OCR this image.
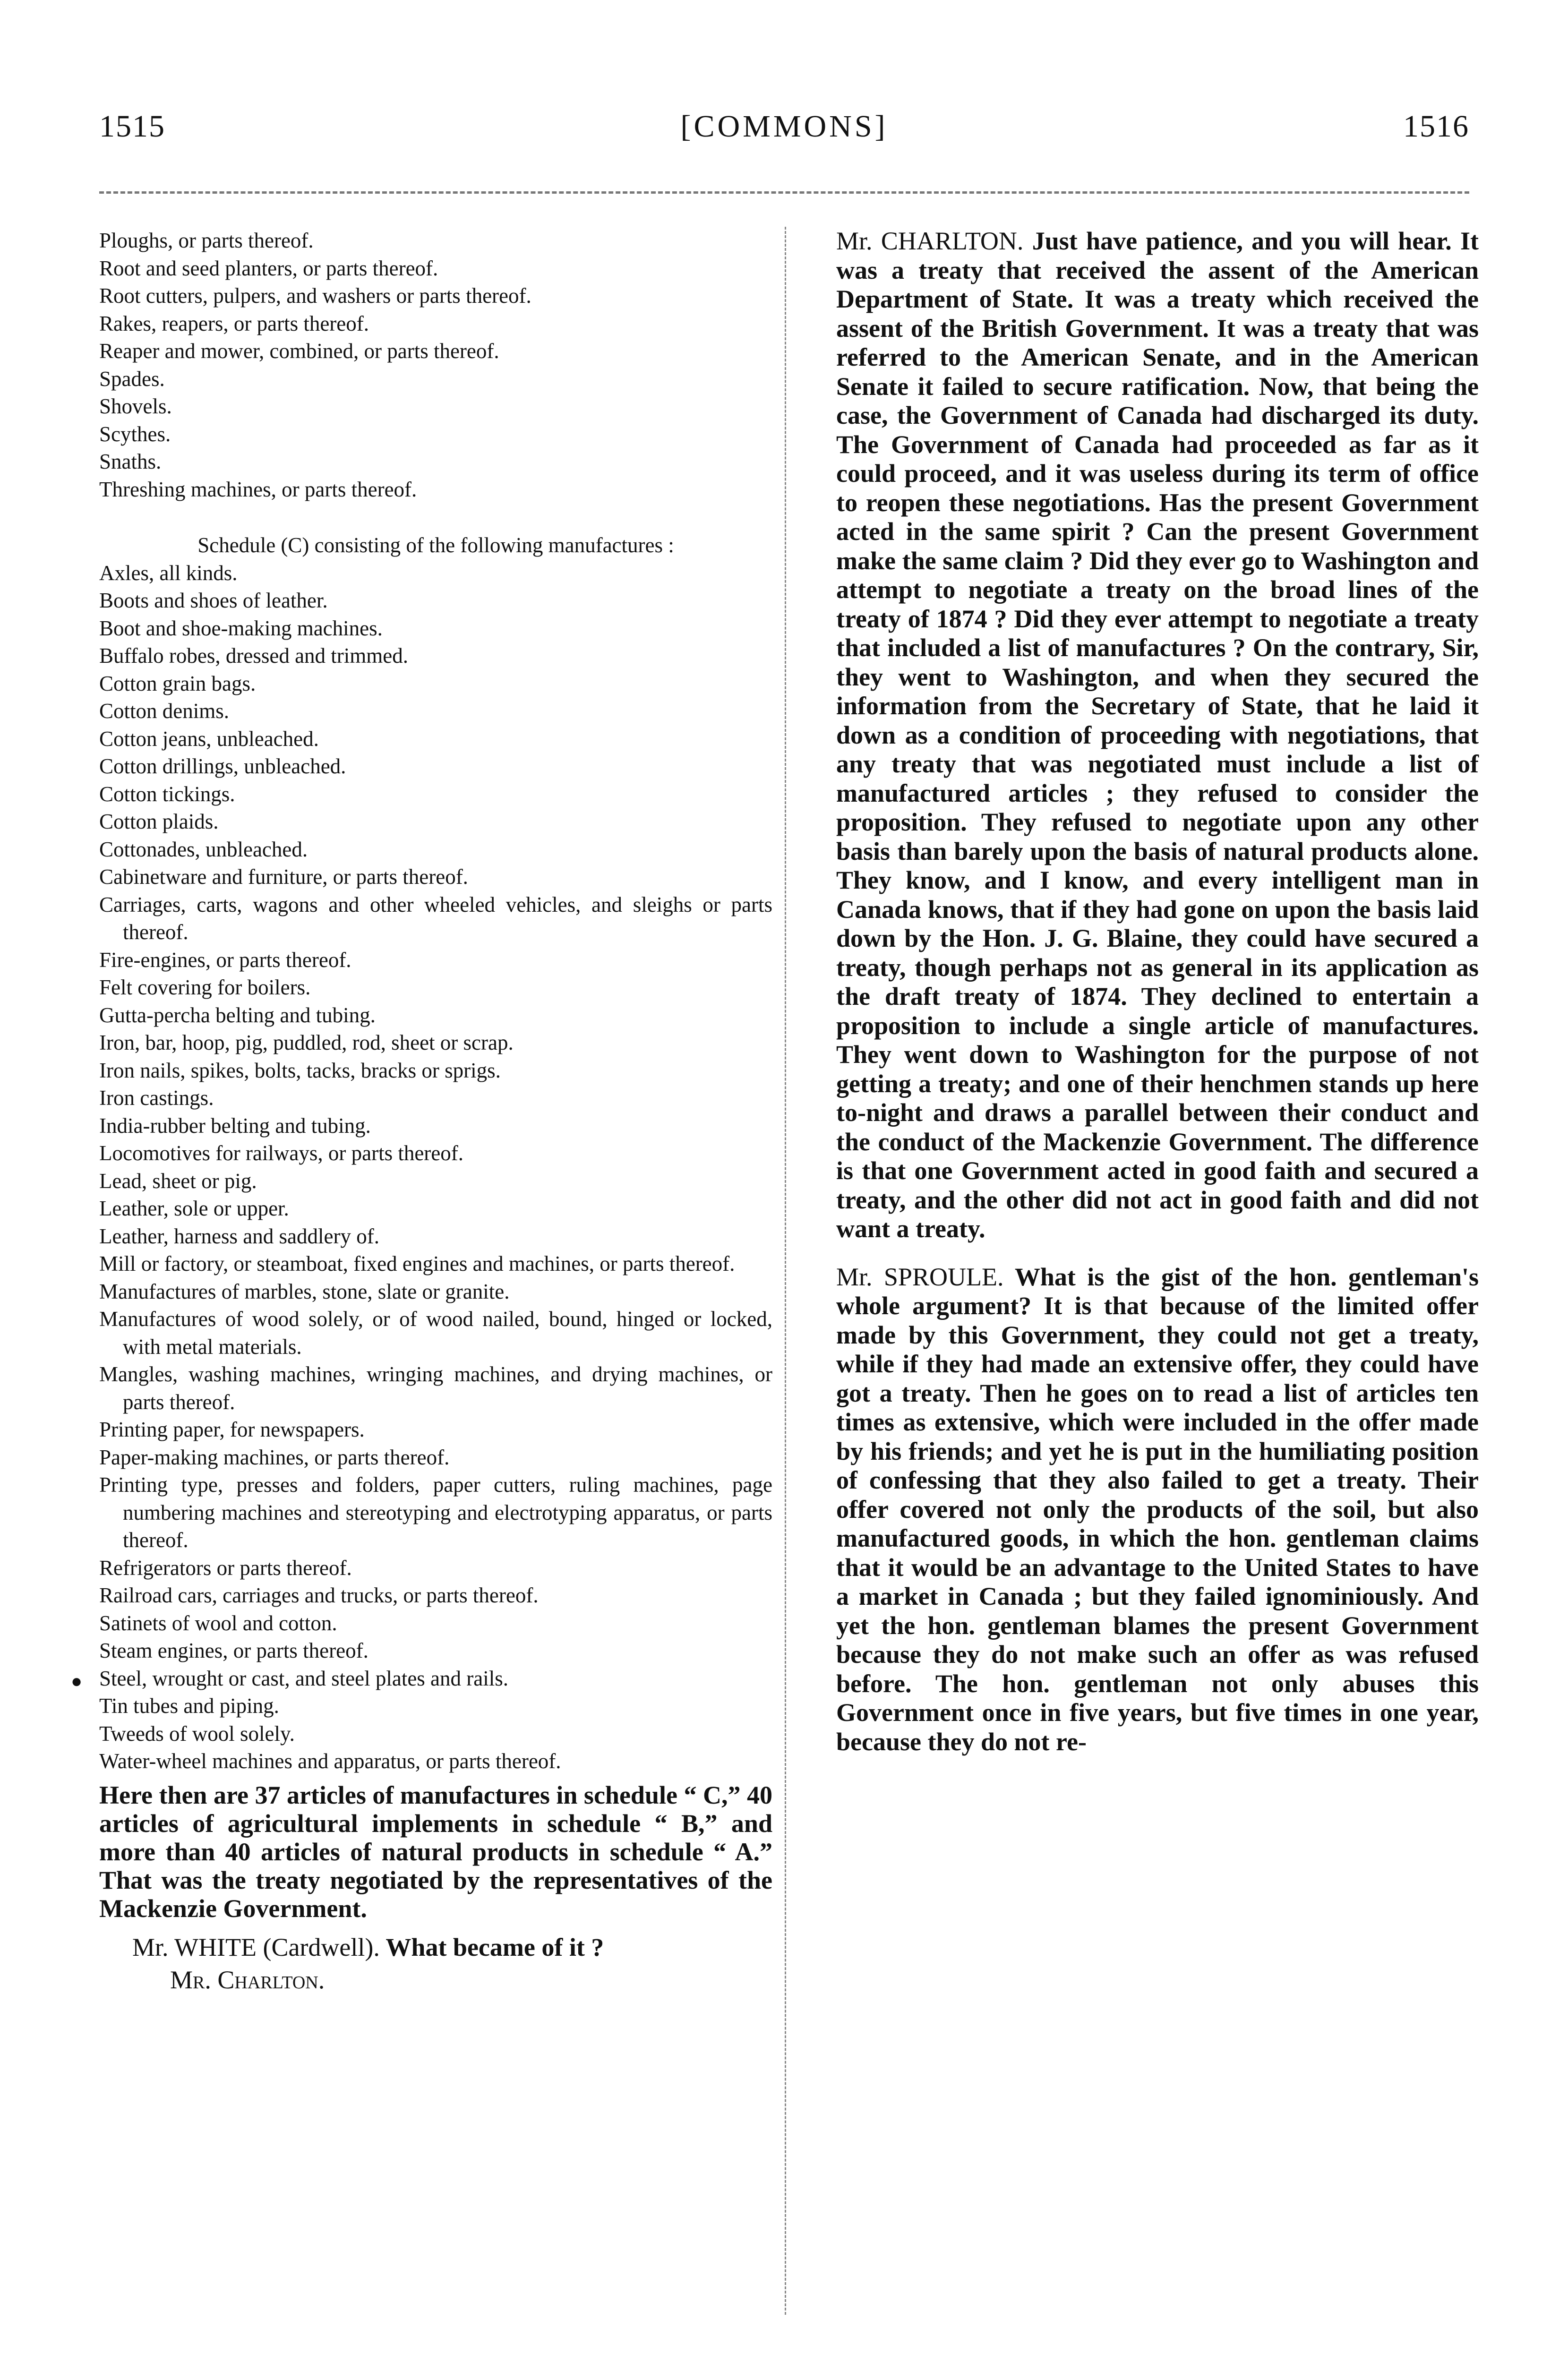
1515	[COMMONS]	1516
●
Ploughs, or parts thereof.
Root and seed planters, or parts thereof.
Root cutters, pulpers, and washers or parts thereof.
Rakes, reapers, or parts thereof.
Reaper and mower, combined, or parts thereof.
Spades.
Shovels.
Scythes.
Snaths.
Threshing machines, or parts thereof.
Schedule (C) consisting of the following manufactures :
Axles, all kinds.
Boots and shoes of leather.
Boot and shoe-making machines.
Buffalo robes, dressed and trimmed.
Cotton grain bags.
Cotton denims.
Cotton jeans, unbleached.
Cotton drillings, unbleached.
Cotton tickings.
Cotton plaids.
Cottonades, unbleached.
Cabinetware and furniture, or parts thereof.
Carriages, carts, wagons and other wheeled vehicles, and sleighs or parts thereof.
Fire-engines, or parts thereof.
Felt covering for boilers.
Gutta-percha belting and tubing.
Iron, bar, hoop, pig, puddled, rod, sheet or scrap.
Iron nails, spikes, bolts, tacks, bracks or sprigs.
Iron castings.
India-rubber belting and tubing.
Locomotives for railways, or parts thereof.
Lead, sheet or pig.
Leather, sole or upper.
Leather, harness and saddlery of.
Mill or factory, or steamboat, fixed engines and machines, or parts thereof.
Manufactures of marbles, stone, slate or granite.
Manufactures of wood solely, or of wood nailed, bound, hinged or locked, with metal materials.
Mangles, washing machines, wringing machines, and drying machines, or parts thereof.
Printing paper, for newspapers.
Paper-making machines, or parts thereof.
Printing type, presses and folders, paper cutters, ruling machines, page numbering machines and stereotyping and electrotyping apparatus, or parts thereof.
Refrigerators or parts thereof.
Railroad cars, carriages and trucks, or parts thereof.
Satinets of wool and cotton.
Steam engines, or parts thereof.
Steel, wrought or cast, and steel plates and rails.
Tin tubes and piping.
Tweeds of wool solely.
Water-wheel machines and apparatus, or parts thereof.
Here then are 37 articles of manufactures in schedule “ C,” 40 articles of agricultural implements in schedule “ B,” and more than 40 articles of natural products in schedule “ A.” That was the treaty negotiated by the representatives of the Mackenzie Government.
Mr. WHITE (Cardwell). What became of it ?
Mr. Charlton.
Mr. CHARLTON. Just have patience, and you will hear. It was a treaty that received the assent of the American Department of State. It was a treaty which received the assent of the British Government. It was a treaty that was referred to the American Senate, and in the American Senate it failed to secure ratification. Now, that being the case, the Government of Canada had discharged its duty. The Government of Canada had proceeded as far as it could proceed, and it was useless during its term of office to reopen these negotiations. Has the present Government acted in the same spirit ? Can the present Government make the same claim ? Did they ever go to Washington and attempt to negotiate a treaty on the broad lines of the treaty of 1874 ? Did they ever attempt to negotiate a treaty that included a list of manufactures ? On the contrary, Sir, they went to Washington, and when they secured the information from the Secretary of State, that he laid it down as a condition of proceeding with negotiations, that any treaty that was negotiated must include a list of manufactured articles ; they refused to consider the proposition. They refused to negotiate upon any other basis than barely upon the basis of natural products alone. They know, and I know, and every intelligent man in Canada knows, that if they had gone on upon the basis laid down by the Hon. J. G. Blaine, they could have secured a treaty, though perhaps not as general in its application as the draft treaty of 1874. They declined to entertain a proposition to include a single article of manufactures. They went down to Washington for the purpose of not getting a treaty; and one of their henchmen stands up here to-night and draws a parallel between their conduct and the conduct of the Mackenzie Government. The difference is that one Government acted in good faith and secured a treaty, and the other did not act in good faith and did not want a treaty.
Mr. SPROULE. What is the gist of the hon. gentleman's whole argument? It is that because of the limited offer made by this Government, they could not get a treaty, while if they had made an extensive offer, they could have got a treaty. Then he goes on to read a list of articles ten times as extensive, which were included in the offer made by his friends; and yet he is put in the humiliating position of confessing that they also failed to get a treaty. Their offer covered not only the products of the soil, but also manufactured goods, in which the hon. gentleman claims that it would be an advantage to the United States to have a market in Canada ; but they failed ignominiously. And yet the hon. gentleman blames the present Government because they do not make such an offer as was refused before. The hon. gentleman not only abuses this Government once in five years, but five times in one year, because they do not re-
